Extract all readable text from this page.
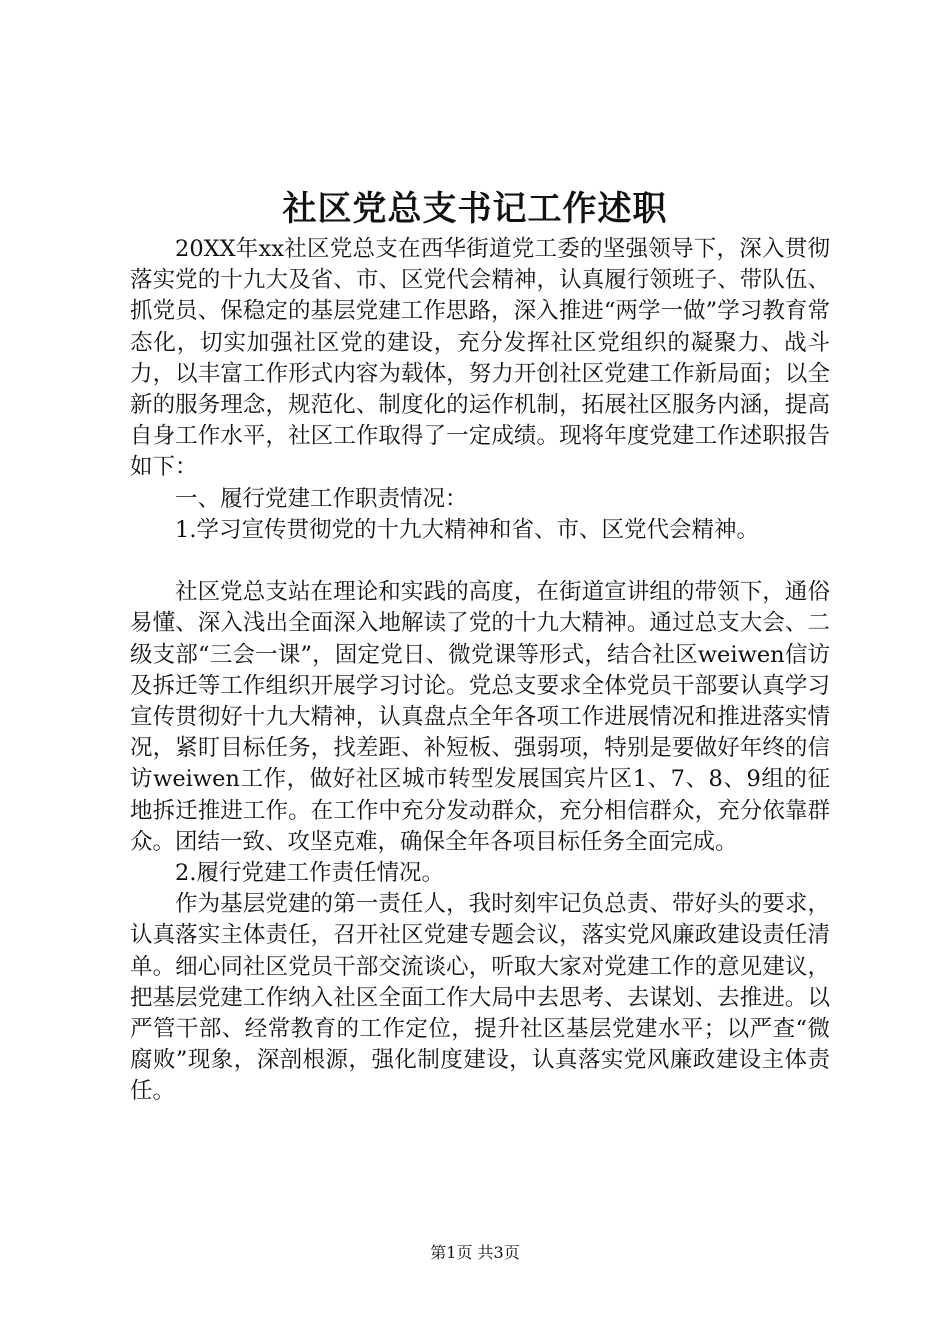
社区党总支书记工作述职

20XX年xx社区党总支在西华街道党工委的坚强领导下，深入贯彻落实党的十九大及省、市、区党代会精神，认真履行领班子、带队伍、抓党员、保稳定的基层党建工作思路，深入推进“两学一做”学习教育常态化，切实加强社区党的建设，充分发挥社区党组织的凝聚力、战斗力，以丰富工作形式内容为载体，努力开创社区党建工作新局面；以全新的服务理念，规范化、制度化的运作机制，拓展社区服务内涵，提高自身工作水平，社区工作取得了一定成绩。现将年度党建工作述职报告如下：

一、履行党建工作职责情况：

1.学习宣传贯彻党的十九大精神和省、市、区党代会精神。

社区党总支站在理论和实践的高度，在街道宣讲组的带领下，通俗易懂、深入浅出全面深入地解读了党的十九大精神。通过总支大会、二级支部“三会一课”，固定党日、微党课等形式，结合社区weiwen信访及拆迁等工作组织开展学习讨论。党总支要求全体党员干部要认真学习宣传贯彻好十九大精神，认真盘点全年各项工作进展情况和推进落实情况，紧盯目标任务，找差距、补短板、强弱项，特别是要做好年终的信访weiwen工作，做好社区城市转型发展国宾片区1、7、8、9组的征地拆迁推进工作。在工作中充分发动群众，充分相信群众，充分依靠群众。团结一致、攻坚克难，确保全年各项目标任务全面完成。

2.履行党建工作责任情况。

作为基层党建的第一责任人，我时刻牢记负总责、带好头的要求，认真落实主体责任，召开社区党建专题会议，落实党风廉政建设责任清单。细心同社区党员干部交流谈心，听取大家对党建工作的意见建议，把基层党建工作纳入社区全面工作大局中去思考、去谋划、去推进。以严管干部、经常教育的工作定位，提升社区基层党建水平；以严查“微腐败”现象，深剖根源，强化制度建设，认真落实党风廉政建设主体责任。

第1页 共3页
